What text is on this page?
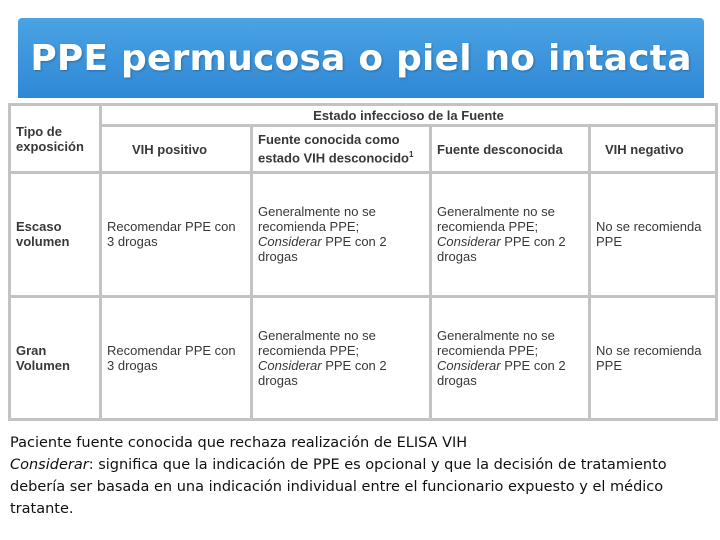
PPE permucosa o piel no intacta
Tipo de exposición	Estado infeccioso de la Fuente			
	VIH positivo	Fuente conocida como estado VIH desconocido$^1$	Fuente desconocida	VIH negativo
Escaso volumen	Recomendar PPE con 3 drogas	Generalmente no se recomienda PPE; Considerar PPE con 2 drogas	Generalmente no se recomienda PPE; Considerar PPE con 2 drogas	No se recomienda PPE
Gran Volumen	Recomendar PPE con 3 drogas	Generalmente no se recomienda PPE; Considerar PPE con 2 drogas	Generalmente no se recomienda PPE; Considerar PPE con 2 drogas	No se recomienda PPE

Paciente fuente conocida que rechaza realización de ELISA VIH

Considerar: significa que la indicación de PPE es opcional y que la decisión de tratamiento debería ser basada en una indicación individual entre el funcionario expuesto y el médico tratante.
